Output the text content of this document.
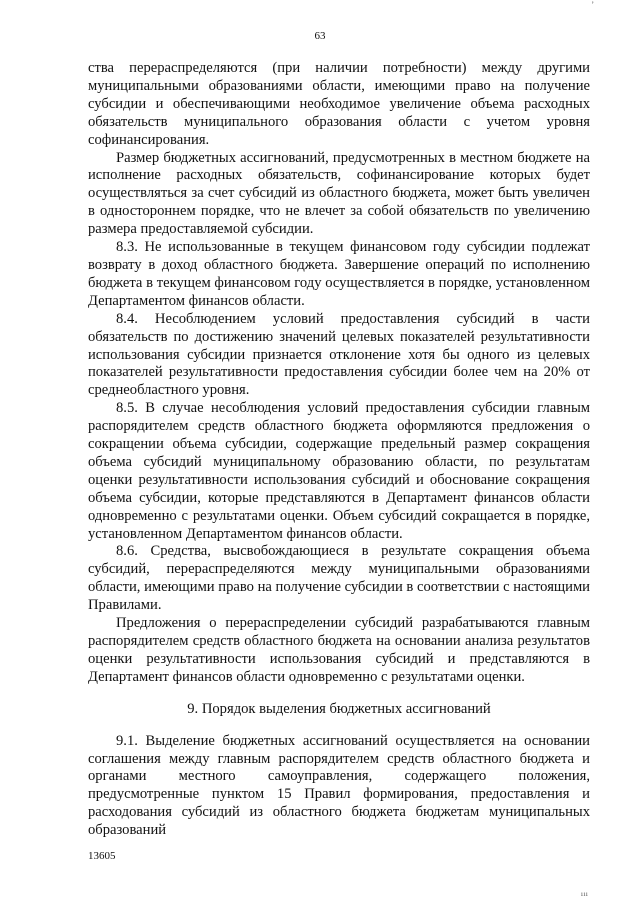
’
63

ства перераспределяются (при наличии потребности) между другими муниципальными образованиями области, имеющими право на получение субсидии и обеспечивающими необходимое увеличение объема расходных обязательств муниципального образования области с учетом уровня софинансирования.

Размер бюджетных ассигнований, предусмотренных в местном бюджете на исполнение расходных обязательств, софинансирование которых будет осуществляться за счет субсидий из областного бюджета, может быть увеличен в одностороннем порядке, что не влечет за собой обязательств по увеличению размера предоставляемой субсидии.

8.3. Не использованные в текущем финансовом году субсидии подлежат возврату в доход областного бюджета. Завершение операций по исполнению бюджета в текущем финансовом году осуществляется в порядке, установленном Департаментом финансов области.

8.4. Несоблюдением условий предоставления субсидий в части обязательств по достижению значений целевых показателей результативности использования субсидии признается отклонение хотя бы одного из целевых показателей результативности предоставления субсидии более чем на 20% от среднеобластного уровня.

8.5. В случае несоблюдения условий предоставления субсидии главным распорядителем средств областного бюджета оформляются предложения о сокращении объема субсидии, содержащие предельный размер сокращения объема субсидий муниципальному образованию области, по результатам оценки результативности использования субсидий и обоснование сокращения объема субсидии, которые представляются в Департамент финансов области одновременно с результатами оценки. Объем субсидий сокращается в порядке, установленном Департаментом финансов области.

8.6. Средства, высвобождающиеся в результате сокращения объема субсидий, перераспределяются между муниципальными образованиями области, имеющими право на получение субсидии в соответствии с настоящими Правилами.

Предложения о перераспределении субсидий разрабатываются главным распорядителем средств областного бюджета на основании анализа результатов оценки результативности использования субсидий и представляются в Департамент финансов области одновременно с результатами оценки.

9. Порядок выделения бюджетных ассигнований

9.1. Выделение бюджетных ассигнований осуществляется на основании соглашения между главным распорядителем средств областного бюджета и органами местного самоуправления, содержащего положения, предусмотренные пунктом 15 Правил формирования, предоставления и расходования субсидий из областного бюджета бюджетам муниципальных образований

13605
¹¹¹
